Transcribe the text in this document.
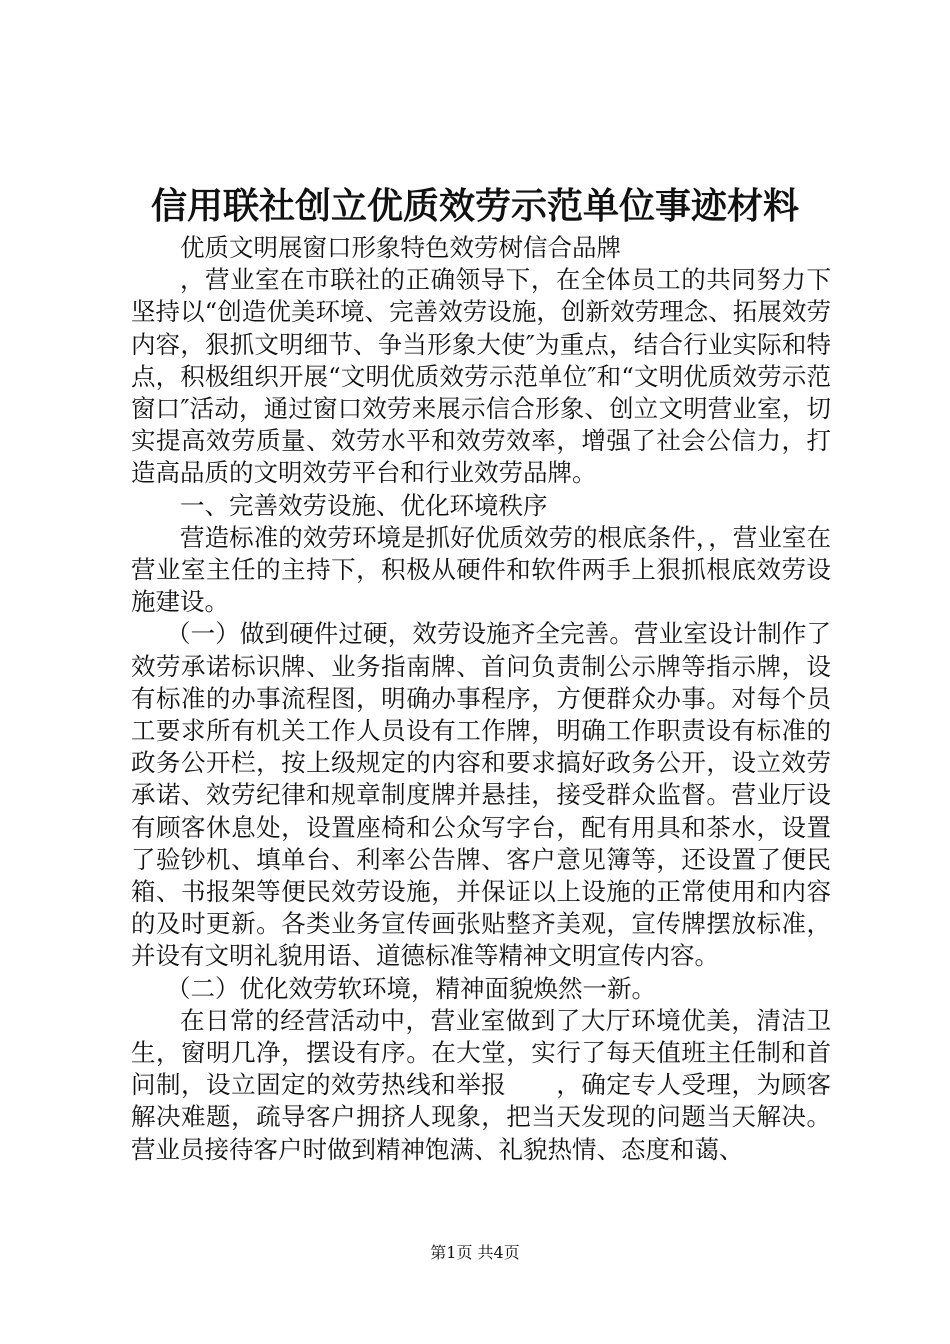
信用联社创立优质效劳示范单位事迹材料

优质文明展窗口形象特色效劳树信合品牌

，营业室在市联社的正确领导下，在全体员工的共同努力下坚持以“创造优美环境、完善效劳设施，创新效劳理念、拓展效劳内容，狠抓文明细节、争当形象大使″为重点，结合行业实际和特点，积极组织开展“文明优质效劳示范单位″和“文明优质效劳示范窗口″活动，通过窗口效劳来展示信合形象、创立文明营业室，切实提高效劳质量、效劳水平和效劳效率，增强了社会公信力，打造高品质的文明效劳平台和行业效劳品牌。

一、完善效劳设施、优化环境秩序

营造标准的效劳环境是抓好优质效劳的根底条件，，营业室在营业室主任的主持下，积极从硬件和软件两手上狠抓根底效劳设施建设。

（一）做到硬件过硬，效劳设施齐全完善。营业室设计制作了效劳承诺标识牌、业务指南牌、首问负责制公示牌等指示牌，设有标准的办事流程图，明确办事程序，方便群众办事。对每个员工要求所有机关工作人员设有工作牌，明确工作职责设有标准的政务公开栏，按上级规定的内容和要求搞好政务公开，设立效劳承诺、效劳纪律和规章制度牌并悬挂，接受群众监督。营业厅设有顾客休息处，设置座椅和公众写字台，配有用具和茶水，设置了验钞机、填单台、利率公告牌、客户意见簿等，还设置了便民箱、书报架等便民效劳设施，并保证以上设施的正常使用和内容的及时更新。各类业务宣传画张贴整齐美观，宣传牌摆放标准，并设有文明礼貌用语、道德标准等精神文明宣传内容。

（二）优化效劳软环境，精神面貌焕然一新。

在日常的经营活动中，营业室做到了大厅环境优美，清洁卫生，窗明几净，摆设有序。在大堂，实行了每天值班主任制和首问制，设立固定的效劳热线和举报　　，确定专人受理，为顾客解决难题，疏导客户拥挤人现象，把当天发现的问题当天解决。营业员接待客户时做到精神饱满、礼貌热情、态度和蔼、

第1页 共4页
